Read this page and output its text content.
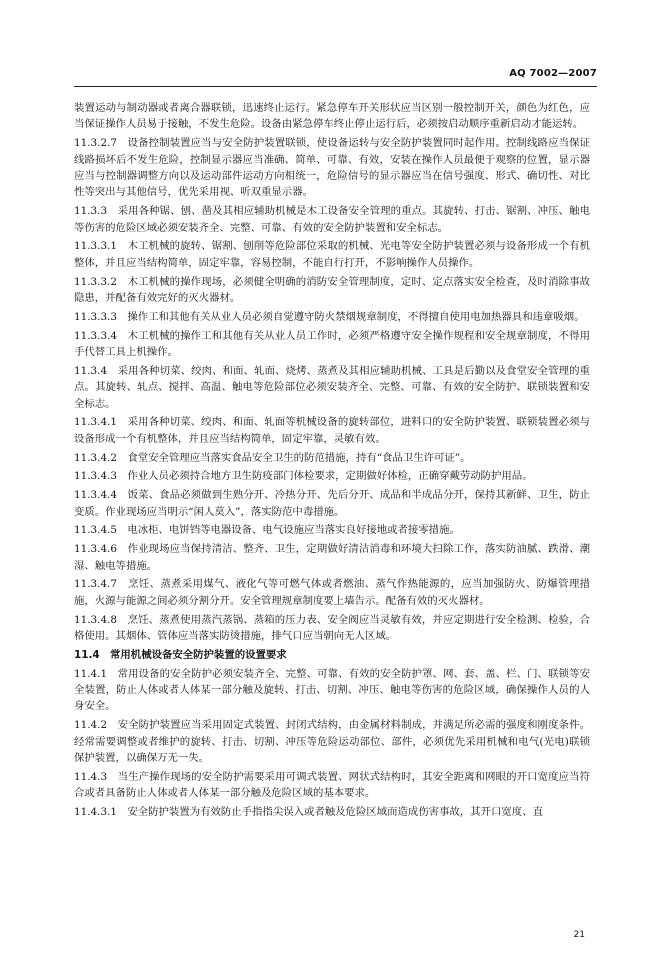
AQ 7002—2007

装置运动与制动器或者离合器联锁，迅速终止运行。紧急停车开关形状应当区别一般控制开关，颜色为红色，应当保证操作人员易于接触，不发生危险。设备由紧急停车终止停止运行后，必须按启动顺序重新启动才能运转。

11.3.2.7　设备控制装置应当与安全防护装置联锁，使设备运转与安全防护装置同时起作用。控制线路应当保证线路损坏后不发生危险，控制显示器应当准确、简单、可靠、有效，安装在操作人员最便于观察的位置，显示器应当与控制器调整方向以及运动部件运动方向相统一，危险信号的显示器应当在信号强度、形式、确切性、对比性等突出与其他信号，优先采用视、听双重显示器。

11.3.3　采用各种锯、刨、凿及其相应辅助机械是木工设备安全管理的重点。其旋转、打击、锯割、冲压、触电等伤害的危险区域必须安装齐全、完整、可靠、有效的安全防护装置和安全标志。

11.3.3.1　木工机械的旋转、锯割、刨削等危险部位采取的机械、光电等安全防护装置必须与设备形成一个有机整体，并且应当结构简单，固定牢靠，容易控制，不能自行打开，不影响操作人员操作。

11.3.3.2　木工机械的操作现场，必须健全明确的消防安全管理制度，定时、定点落实安全检查，及时消除事故隐患，并配备有效完好的灭火器材。

11.3.3.3　操作工和其他有关从业人员必须自觉遵守防火禁烟规章制度，不得擅自使用电加热器具和违章吸烟。

11.3.3.4　木工机械的操作工和其他有关从业人员工作时，必须严格遵守安全操作规程和安全规章制度，不得用手代替工具上机操作。

11.3.4　采用各种切菜、绞肉、和面、轧面、烧烤、蒸煮及其相应辅助机械、工具是后勤以及食堂安全管理的重点。其旋转、轧点、搅拌、高温、触电等危险部位必须安装齐全、完整、可靠、有效的安全防护、联锁装置和安全标志。

11.3.4.1　采用各种切菜、绞肉、和面、轧面等机械设备的旋转部位，进料口的安全防护装置、联锁装置必须与设备形成一个有机整体，并且应当结构简单，固定牢靠，灵敏有效。

11.3.4.2　食堂安全管理应当落实食品安全卫生的防范措施，持有“食品卫生许可证”。

11.3.4.3　作业人员必须持合地方卫生防疫部门体检要求，定期做好体检，正确穿戴劳动防护用品。

11.3.4.4　饭菜、食品必须做到生熟分开、冷热分开、先后分开、成品和半成品分开，保持其新鲜、卫生，防止变质。作业现场应当明示“闲人莫入”，落实防范中毒措施。

11.3.4.5　电冰柜、电饼铛等电器设备、电气设施应当落实良好接地或者接零措施。

11.3.4.6　作业现场应当保持清洁、整齐、卫生，定期做好清洁消毒和环境大扫除工作，落实防油腻、跌滑、潮湿、触电等措施。

11.3.4.7　烹饪、蒸煮采用煤气、液化气等可燃气体或者燃油、蒸气作热能源的，应当加强防火、防爆管理措施，火源与能源之间必须分割分开。安全管理规章制度要上墙告示。配备有效的灭火器材。

11.3.4.8　烹饪、蒸煮使用蒸汽蒸锅、蒸箱的压力表、安全阀应当灵敏有效，并应定期进行安全检测、检验，合格使用。其烟体、管体应当落实防烫措施，排气口应当朝向无人区域。

11.4　常用机械设备安全防护装置的设置要求

11.4.1　常用设备的安全防护必须安装齐全、完整、可靠、有效的安全防护罩、网、套、盖、栏、门、联锁等安全装置，防止人体或者人体某一部分触及旋转、打击、切割、冲压、触电等伤害的危险区域，确保操作人员的人身安全。

11.4.2　安全防护装置应当采用固定式装置、封闭式结构，由金属材料制成，并满足所必需的强度和刚度条件。经常需要调整或者维护的旋转、打击、切割、冲压等危险运动部位、部件，必须优先采用机械和电气(光电)联锁保护装置，以确保万无一失。

11.4.3　当生产操作现场的安全防护需要采用可调式装置、网状式结构时，其安全距离和网眼的开口宽度应当符合或者具备防止人体或者人体某一部分触及危险区域的基本要求。

11.4.3.1　安全防护装置为有效防止手指指尖误入或者触及危险区域而造成伤害事故，其开口宽度、直

21
